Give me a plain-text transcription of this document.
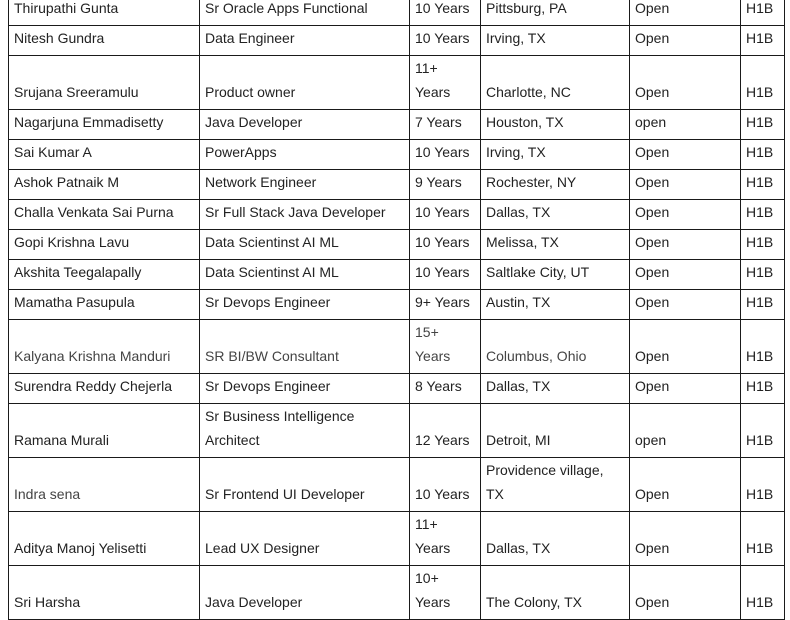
Thirupathi Gunta	Sr Oracle Apps Functional	10 Years	Pittsburg, PA	Open	H1B
Nitesh Gundra	Data Engineer	10 Years	Irving, TX	Open	H1B
Srujana Sreeramulu	Product owner	11+ Years	Charlotte, NC	Open	H1B
Nagarjuna Emmadisetty	Java Developer	7 Years	Houston, TX	open	H1B
Sai Kumar A	PowerApps	10 Years	Irving, TX	Open	H1B
Ashok Patnaik M	Network Engineer	9 Years	Rochester, NY	Open	H1B
Challa Venkata Sai Purna	Sr Full Stack Java Developer	10 Years	Dallas, TX	Open	H1B
Gopi Krishna Lavu	Data Scientinst AI ML	10 Years	Melissa, TX	Open	H1B
Akshita Teegalapally	Data Scientinst AI ML	10 Years	Saltlake City, UT	Open	H1B
Mamatha Pasupula	Sr Devops Engineer	9+ Years	Austin, TX	Open	H1B
Kalyana Krishna Manduri	SR BI/BW Consultant	15+ Years	Columbus, Ohio	Open	H1B
Surendra Reddy Chejerla	Sr Devops Engineer	8 Years	Dallas, TX	Open	H1B
Ramana Murali	Sr Business Intelligence Architect	12 Years	Detroit, MI	open	H1B
Indra sena	Sr Frontend UI Developer	10 Years	Providence village, TX	Open	H1B
Aditya Manoj Yelisetti	Lead UX Designer	11+ Years	Dallas, TX	Open	H1B
Sri Harsha	Java Developer	10+ Years	The Colony, TX	Open	H1B
